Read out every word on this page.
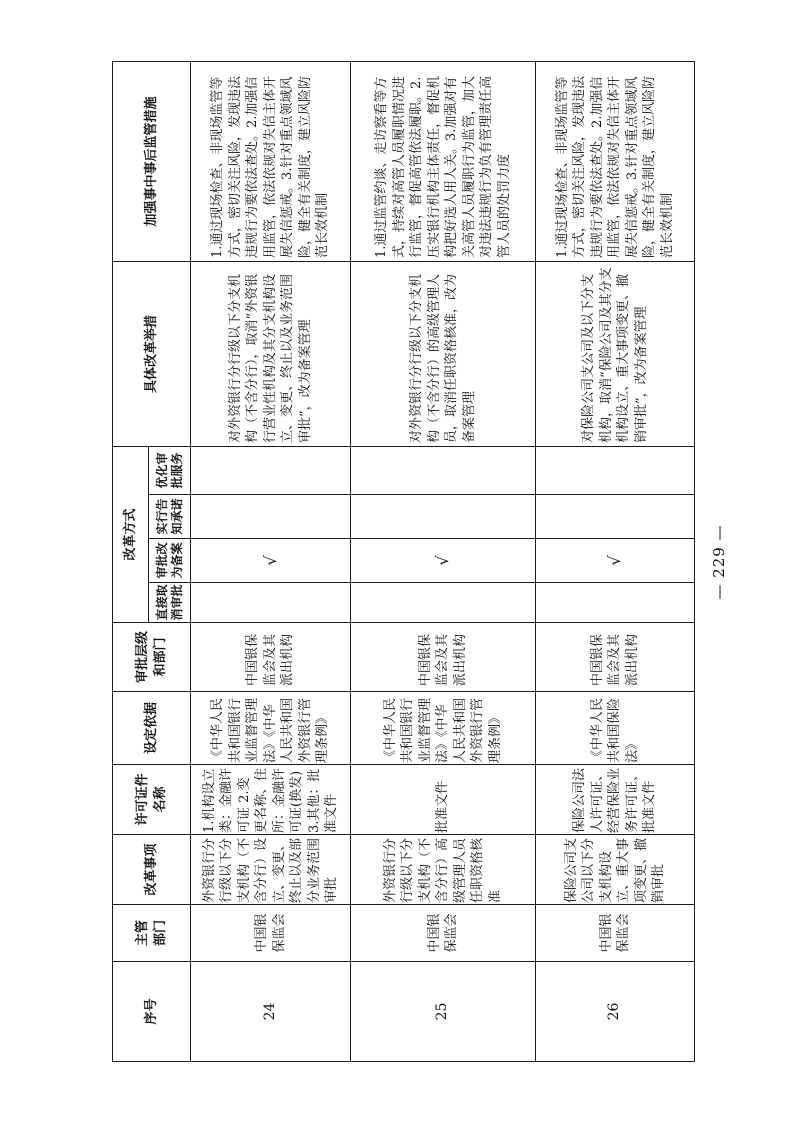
序号	主管部门	改革事项	许可证件名称	设定依据	审批层级和部门	改革方式				具体改革举措	加强事中事后监管措施
						直接取消审批	审批改为备案	实行告知承诺	优化审批服务		
24	中国银保监会	外资银行分行级以下分支机构（不含分行）设立、变更、终止以及部分业务范围审批	1.机构设立类：金融许可证 2.变更名称、住所：金融许可证(换发) 3.其他：批准文件	《中华人民共和国银行业监督管理法》《中华人民共和国外资银行管理条例》	中国银保监会及其派出机构		√			对外资银行分行级以下分支机构（不含分行），取消“外资银行营业性机构及其分支机构设立、变更、终止以及业务范围审批”，改为备案管理	1.通过现场检查、非现场监管等方式，密切关注风险，发现违法违规行为要依法查处。2.加强信用监管，依法依规对失信主体开展失信惩戒。3.针对重点领域风险，健全有关制度，建立风险防范长效机制
25	中国银保监会	外资银行分行级以下分支机构（不含分行）高级管理人员任职资格核准	批准文件	《中华人民共和国银行业监督管理法》《中华人民共和国外资银行管理条例》	中国银保监会及其派出机构		√			对外资银行分行级以下分支机构（不含分行）的高级管理人员，取消任职资格核准，改为备案管理	1.通过监管约谈、走访察看等方式，持续对高管人员履职情况进行监管，督促高管依法履职。2.压实银行机构主体责任，督促机构把好选人用人关。3.加强对有关高管人员履职行为监管，加大对违法违规行为负有管理责任高管人员的处罚力度
26	中国银保监会	保险公司支公司以下分支机构设立、重大事项变更、撤销审批	保险公司法人许可证、经营保险业务许可证、批准文件	《中华人民共和国保险法》	中国银保监会及其派出机构		√			对保险公司支公司及以下分支机构，取消“保险公司及其分支机构设立、重大事项变更、撤销审批”，改为备案管理	1.通过现场检查、非现场监管等方式，密切关注风险，发现违法违规行为要依法查处。2.加强信用监管，依法依规对失信主体开展失信惩戒。3.针对重点领域风险，健全有关制度，建立风险防范长效机制
— 229 —
